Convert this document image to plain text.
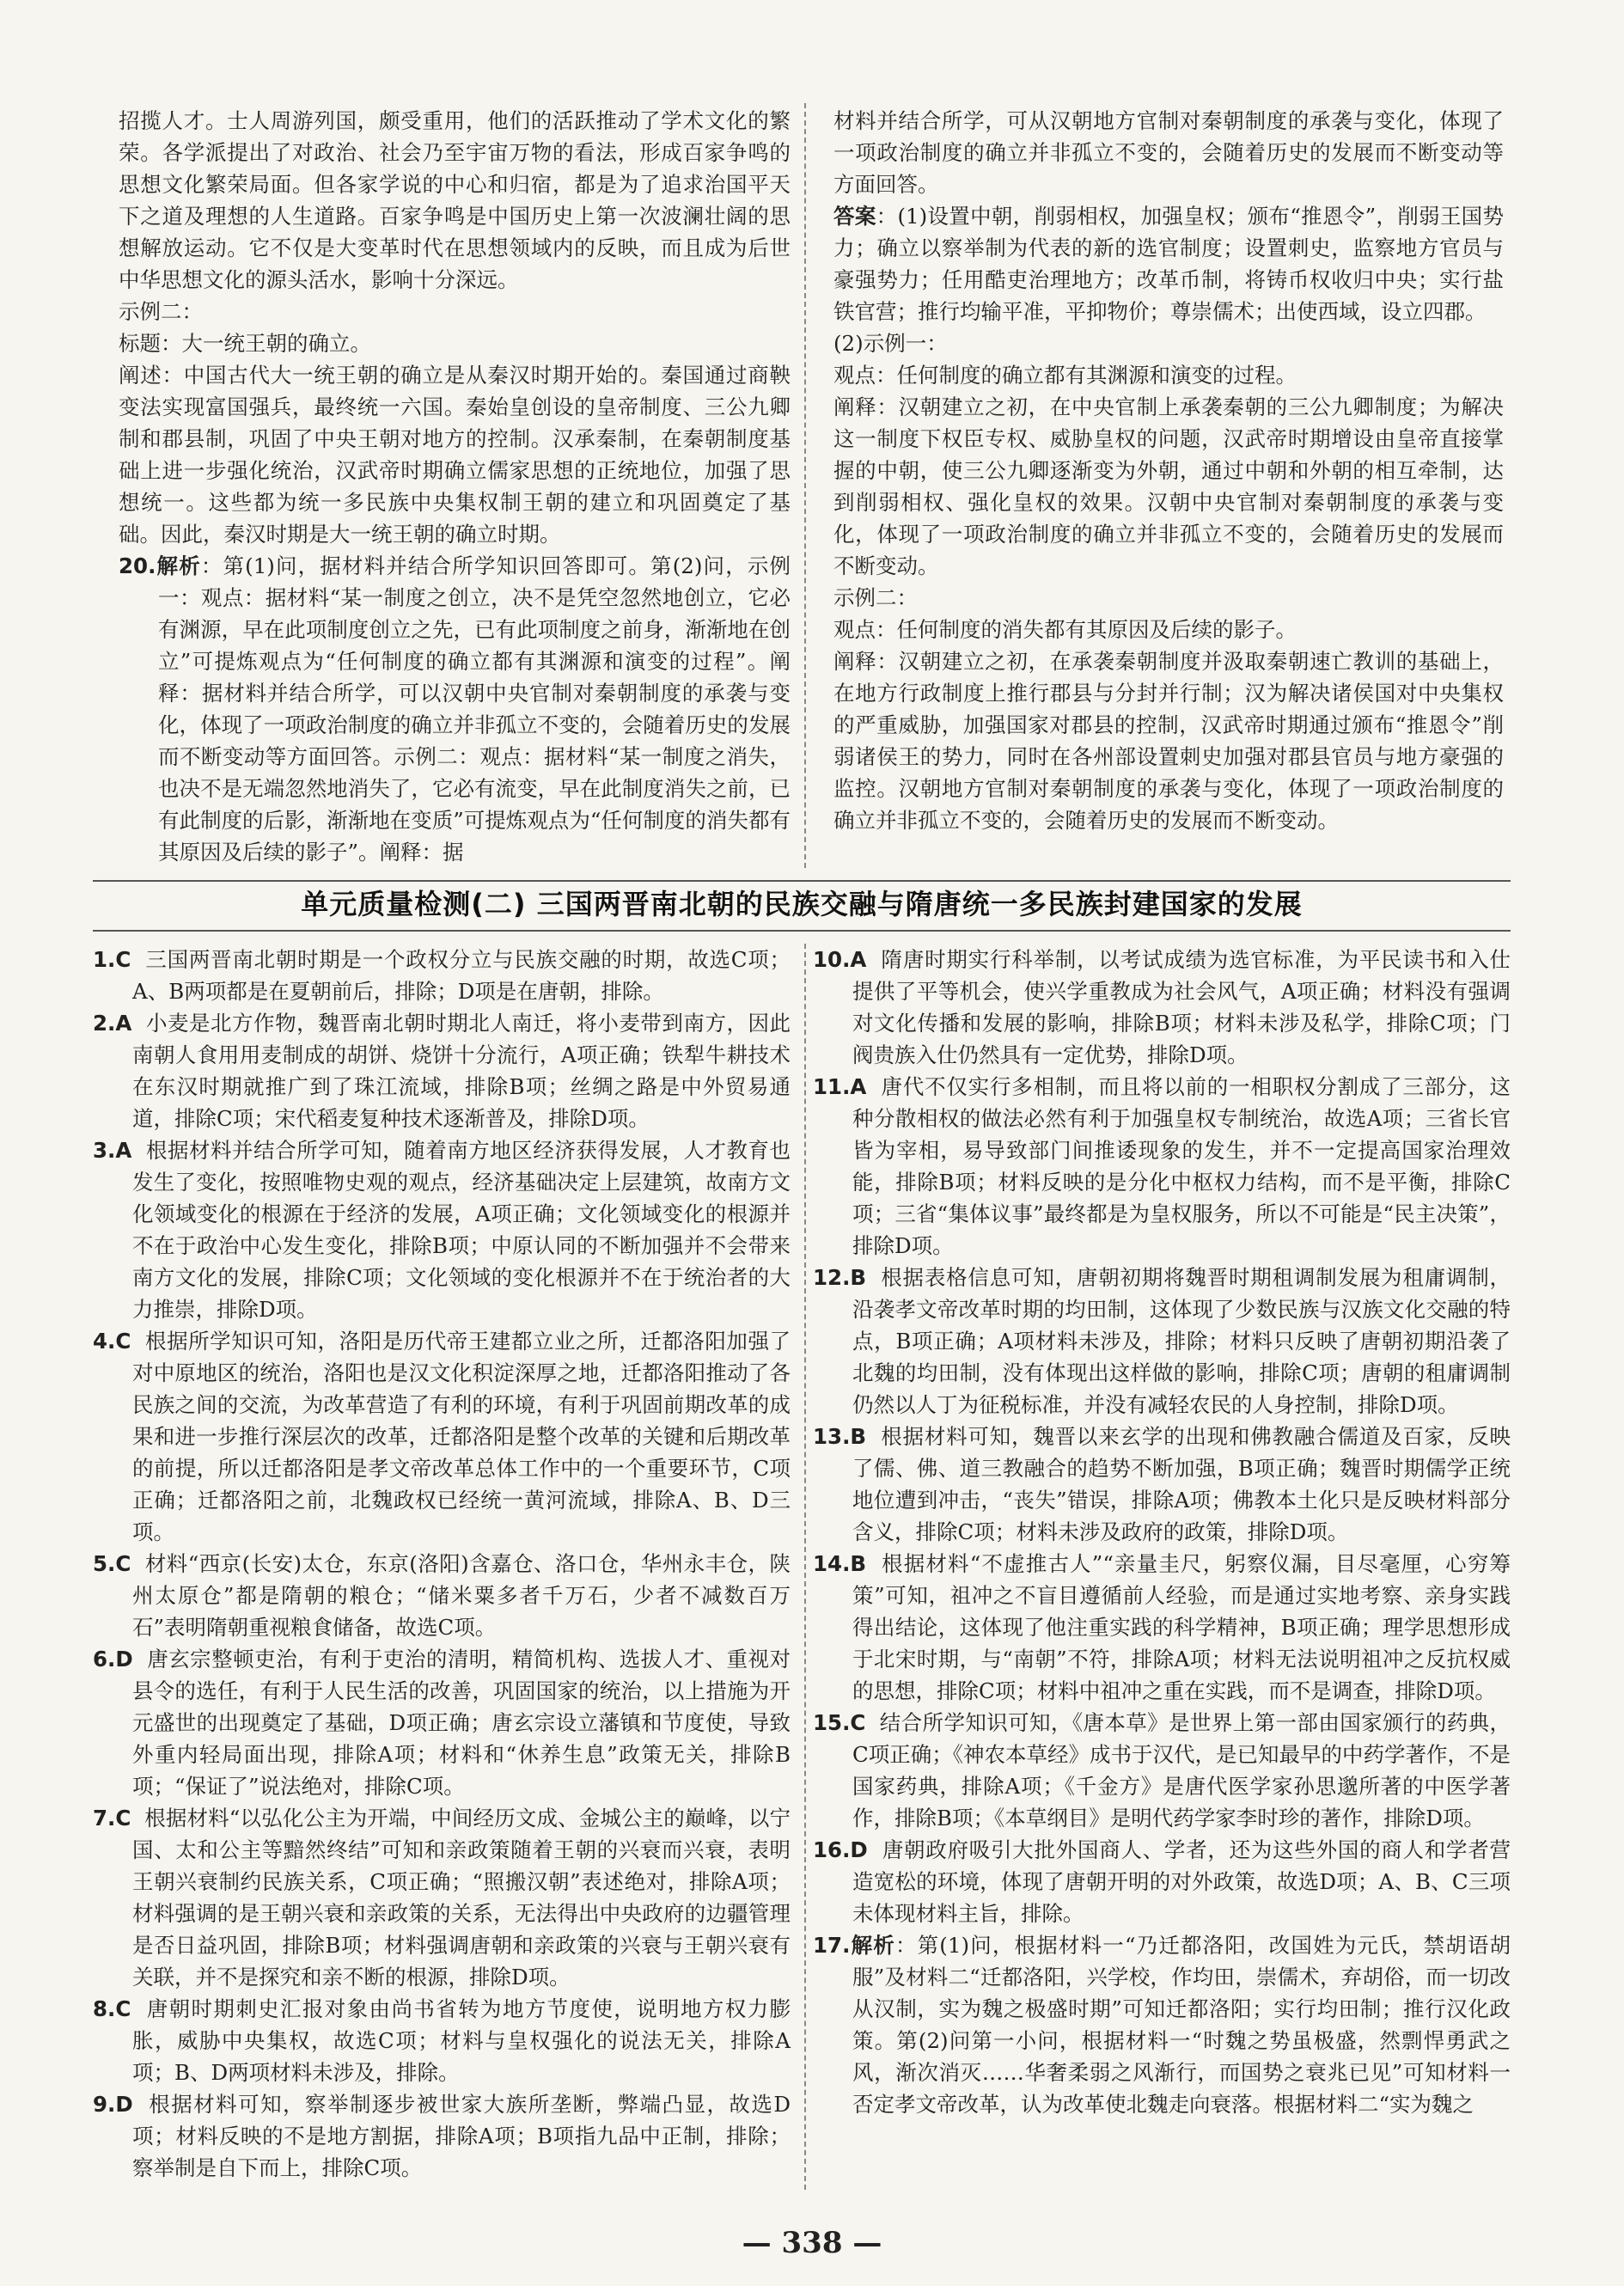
招揽人才。士人周游列国，颇受重用，他们的活跃推动了学术文化的繁荣。各学派提出了对政治、社会乃至宇宙万物的看法，形成百家争鸣的思想文化繁荣局面。但各家学说的中心和归宿，都是为了追求治国平天下之道及理想的人生道路。百家争鸣是中国历史上第一次波澜壮阔的思想解放运动。它不仅是大变革时代在思想领域内的反映，而且成为后世中华思想文化的源头活水，影响十分深远。

示例二：

标题：大一统王朝的确立。

阐述：中国古代大一统王朝的确立是从秦汉时期开始的。秦国通过商鞅变法实现富国强兵，最终统一六国。秦始皇创设的皇帝制度、三公九卿制和郡县制，巩固了中央王朝对地方的控制。汉承秦制，在秦朝制度基础上进一步强化统治，汉武帝时期确立儒家思想的正统地位，加强了思想统一。这些都为统一多民族中央集权制王朝的建立和巩固奠定了基础。因此，秦汉时期是大一统王朝的确立时期。

20.解析：第(1)问，据材料并结合所学知识回答即可。第(2)问，示例一：观点：据材料“某一制度之创立，决不是凭空忽然地创立，它必有渊源，早在此项制度创立之先，已有此项制度之前身，渐渐地在创立”可提炼观点为“任何制度的确立都有其渊源和演变的过程”。阐释：据材料并结合所学，可以汉朝中央官制对秦朝制度的承袭与变化，体现了一项政治制度的确立并非孤立不变的，会随着历史的发展而不断变动等方面回答。示例二：观点：据材料“某一制度之消失，也决不是无端忽然地消失了，它必有流变，早在此制度消失之前，已有此制度的后影，渐渐地在变质”可提炼观点为“任何制度的消失都有其原因及后续的影子”。阐释：据

材料并结合所学，可从汉朝地方官制对秦朝制度的承袭与变化，体现了一项政治制度的确立并非孤立不变的，会随着历史的发展而不断变动等方面回答。

答案：(1)设置中朝，削弱相权，加强皇权；颁布“推恩令”，削弱王国势力；确立以察举制为代表的新的选官制度；设置刺史，监察地方官员与豪强势力；任用酷吏治理地方；改革币制，将铸币权收归中央；实行盐铁官营；推行均输平准，平抑物价；尊崇儒术；出使西域，设立四郡。

(2)示例一：

观点：任何制度的确立都有其渊源和演变的过程。

阐释：汉朝建立之初，在中央官制上承袭秦朝的三公九卿制度；为解决这一制度下权臣专权、威胁皇权的问题，汉武帝时期增设由皇帝直接掌握的中朝，使三公九卿逐渐变为外朝，通过中朝和外朝的相互牵制，达到削弱相权、强化皇权的效果。汉朝中央官制对秦朝制度的承袭与变化，体现了一项政治制度的确立并非孤立不变的，会随着历史的发展而不断变动。

示例二：

观点：任何制度的消失都有其原因及后续的影子。

阐释：汉朝建立之初，在承袭秦朝制度并汲取秦朝速亡教训的基础上，在地方行政制度上推行郡县与分封并行制；汉为解决诸侯国对中央集权的严重威胁，加强国家对郡县的控制，汉武帝时期通过颁布“推恩令”削弱诸侯王的势力，同时在各州部设置刺史加强对郡县官员与地方豪强的监控。汉朝地方官制对秦朝制度的承袭与变化，体现了一项政治制度的确立并非孤立不变的，会随着历史的发展而不断变动。

单元质量检测(二) 三国两晋南北朝的民族交融与隋唐统一多民族封建国家的发展

1.C 三国两晋南北朝时期是一个政权分立与民族交融的时期，故选C项；A、B两项都是在夏朝前后，排除；D项是在唐朝，排除。

2.A 小麦是北方作物，魏晋南北朝时期北人南迁，将小麦带到南方，因此南朝人食用用麦制成的胡饼、烧饼十分流行，A项正确；铁犁牛耕技术在东汉时期就推广到了珠江流域，排除B项；丝绸之路是中外贸易通道，排除C项；宋代稻麦复种技术逐渐普及，排除D项。

3.A 根据材料并结合所学可知，随着南方地区经济获得发展，人才教育也发生了变化，按照唯物史观的观点，经济基础决定上层建筑，故南方文化领域变化的根源在于经济的发展，A项正确；文化领域变化的根源并不在于政治中心发生变化，排除B项；中原认同的不断加强并不会带来南方文化的发展，排除C项；文化领域的变化根源并不在于统治者的大力推崇，排除D项。

4.C 根据所学知识可知，洛阳是历代帝王建都立业之所，迁都洛阳加强了对中原地区的统治，洛阳也是汉文化积淀深厚之地，迁都洛阳推动了各民族之间的交流，为改革营造了有利的环境，有利于巩固前期改革的成果和进一步推行深层次的改革，迁都洛阳是整个改革的关键和后期改革的前提，所以迁都洛阳是孝文帝改革总体工作中的一个重要环节，C项正确；迁都洛阳之前，北魏政权已经统一黄河流域，排除A、B、D三项。

5.C 材料“西京(长安)太仓，东京(洛阳)含嘉仓、洛口仓，华州永丰仓，陕州太原仓”都是隋朝的粮仓；“储米粟多者千万石，少者不减数百万石”表明隋朝重视粮食储备，故选C项。

6.D 唐玄宗整顿吏治，有利于吏治的清明，精简机构、选拔人才、重视对县令的选任，有利于人民生活的改善，巩固国家的统治，以上措施为开元盛世的出现奠定了基础，D项正确；唐玄宗设立藩镇和节度使，导致外重内轻局面出现，排除A项；材料和“休养生息”政策无关，排除B项；“保证了”说法绝对，排除C项。

7.C 根据材料“以弘化公主为开端，中间经历文成、金城公主的巅峰，以宁国、太和公主等黯然终结”可知和亲政策随着王朝的兴衰而兴衰，表明王朝兴衰制约民族关系，C项正确；“照搬汉朝”表述绝对，排除A项；材料强调的是王朝兴衰和亲政策的关系，无法得出中央政府的边疆管理是否日益巩固，排除B项；材料强调唐朝和亲政策的兴衰与王朝兴衰有关联，并不是探究和亲不断的根源，排除D项。

8.C 唐朝时期刺史汇报对象由尚书省转为地方节度使，说明地方权力膨胀，威胁中央集权，故选C项；材料与皇权强化的说法无关，排除A项；B、D两项材料未涉及，排除。

9.D 根据材料可知，察举制逐步被世家大族所垄断，弊端凸显，故选D项；材料反映的不是地方割据，排除A项；B项指九品中正制，排除；察举制是自下而上，排除C项。

10.A 隋唐时期实行科举制，以考试成绩为选官标准，为平民读书和入仕提供了平等机会，使兴学重教成为社会风气，A项正确；材料没有强调对文化传播和发展的影响，排除B项；材料未涉及私学，排除C项；门阀贵族入仕仍然具有一定优势，排除D项。

11.A 唐代不仅实行多相制，而且将以前的一相职权分割成了三部分，这种分散相权的做法必然有利于加强皇权专制统治，故选A项；三省长官皆为宰相，易导致部门间推诿现象的发生，并不一定提高国家治理效能，排除B项；材料反映的是分化中枢权力结构，而不是平衡，排除C项；三省“集体议事”最终都是为皇权服务，所以不可能是“民主决策”，排除D项。

12.B 根据表格信息可知，唐朝初期将魏晋时期租调制发展为租庸调制，沿袭孝文帝改革时期的均田制，这体现了少数民族与汉族文化交融的特点，B项正确；A项材料未涉及，排除；材料只反映了唐朝初期沿袭了北魏的均田制，没有体现出这样做的影响，排除C项；唐朝的租庸调制仍然以人丁为征税标准，并没有减轻农民的人身控制，排除D项。

13.B 根据材料可知，魏晋以来玄学的出现和佛教融合儒道及百家，反映了儒、佛、道三教融合的趋势不断加强，B项正确；魏晋时期儒学正统地位遭到冲击，“丧失”错误，排除A项；佛教本土化只是反映材料部分含义，排除C项；材料未涉及政府的政策，排除D项。

14.B 根据材料“不虚推古人”“亲量圭尺，躬察仪漏，目尽毫厘，心穷筹策”可知，祖冲之不盲目遵循前人经验，而是通过实地考察、亲身实践得出结论，这体现了他注重实践的科学精神，B项正确；理学思想形成于北宋时期，与“南朝”不符，排除A项；材料无法说明祖冲之反抗权威的思想，排除C项；材料中祖冲之重在实践，而不是调查，排除D项。

15.C 结合所学知识可知，《唐本草》是世界上第一部由国家颁行的药典，C项正确；《神农本草经》成书于汉代，是已知最早的中药学著作，不是国家药典，排除A项；《千金方》是唐代医学家孙思邈所著的中医学著作，排除B项；《本草纲目》是明代药学家李时珍的著作，排除D项。

16.D 唐朝政府吸引大批外国商人、学者，还为这些外国的商人和学者营造宽松的环境，体现了唐朝开明的对外政策，故选D项；A、B、C三项未体现材料主旨，排除。

17.解析：第(1)问，根据材料一“乃迁都洛阳，改国姓为元氏，禁胡语胡服”及材料二“迁都洛阳，兴学校，作均田，崇儒术，弃胡俗，而一切改从汉制，实为魏之极盛时期”可知迁都洛阳；实行均田制；推行汉化政策。第(2)问第一小问，根据材料一“时魏之势虽极盛，然剽悍勇武之风，渐次消灭……华奢柔弱之风渐行，而国势之衰兆已见”可知材料一否定孝文帝改革，认为改革使北魏走向衰落。根据材料二“实为魏之

— 338 —
